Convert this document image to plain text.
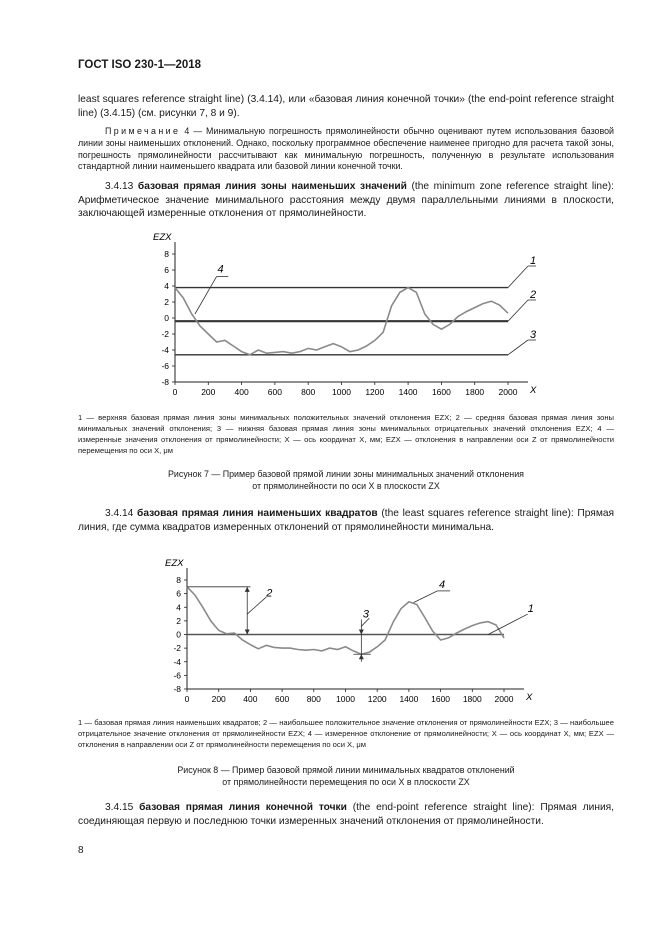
ГОСТ ISO 230-1—2018
least squares reference straight line) (3.4.14), или «базовая линия конечной точки» (the end-point reference straight
line) (3.4.15) (см. рисунки 7, 8 и 9).
Примечание 4 — Минимальную погрешность прямолинейности обычно оценивают путем использования базовой линии зоны наименьших отклонений. Однако, поскольку программное обеспечение наименее пригодно для расчета такой зоны, погрешность прямолинейности рассчитывают как минимальную погрешность, полученную в результате использования стандартной линии наименьшего квадрата или базовой линии конечной точки.
3.4.13 базовая прямая линия зоны наименьших значений (the minimum zone reference straight line): Арифметическое значение минимального расстояния между двумя параллельными линиями в плоскости, заключающей измеренные отклонения от прямолинейности.
EZX
X
8
6
4
2
0
-2
-4
-6
-8
0	200 400 600 800 1000 1200 1400 1600 1800 2000
1
2
3
4
1 — верхняя базовая прямая линия зоны минимальных положительных значений отклонения EZX; 2 — средняя базовая прямая линия зоны минимальных значений отклонения; 3 — нижняя базовая прямая линия зоны минимальных отрицательных значений отклонения EZX; 4 — измеренные значения отклонения от прямолинейности; X — ось координат X, мм; EZX — отклонения в направлении оси Z от прямолинейности перемещения по оси X, μм
Рисунок 7 — Пример базовой прямой линии зоны минимальных значений отклонения
от прямолинейности по оси X в плоскости ZX
3.4.14 базовая прямая линия наименьших квадратов (the least squares reference straight line): Прямая линия, где сумма квадратов измеренных отклонений от прямолинейности минимальна.
EZX
X
8
6
4
2
0
-2
-4
-6
-8
0	200 400 600 800 1000 1200 1400 1600 1800 2000
1
2
3
4
1 — базовая прямая линия наименьших квадратов; 2 — наибольшее положительное значение отклонения от прямолинейности EZX; 3 — наибольшее отрицательное значение отклонения от прямолинейности EZX; 4 — измеренное отклонение от прямолинейности; X — ось координат X, мм; EZX — отклонения в направлении оси Z от прямолинейности перемещения по оси X, μм
Рисунок 8 — Пример базовой прямой линии минимальных квадратов отклонений
от прямолинейности перемещения по оси X в плоскости ZX
3.4.15 базовая прямая линия конечной точки (the end-point reference straight line): Прямая линия, соединяющая первую и последнюю точки измеренных значений отклонения от прямолинейности.
8
